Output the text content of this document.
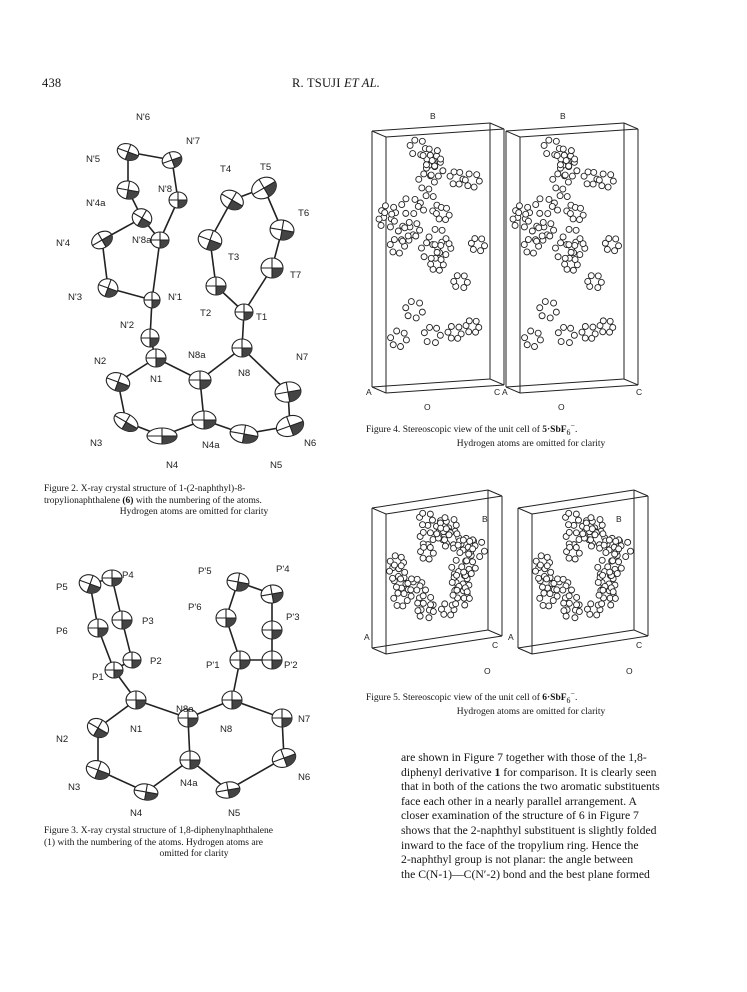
438	R. TSUJI ET AL.
N'6
N'7
N'5
N'8
N'4a
N'8a
N'4
N'3	N'1
N'2
T4	T5
T6
T3
T7
T2	T1
N2
N8a	N7
N1
N8
N3	N4a	N6
N4	N5
Figure 2. X-ray crystal structure of 1-(2-naphthyl)-8-
tropylionaphthalene (6) with the numbering of the atoms.
Hydrogen atoms are omitted for clarity
P'5	P'4
P5
P4
P'6
P'3
P3
P6
P2
P1
P'1	P'2
N8a
N2
N1	N8
N7
N3	N4a
N6
N4	N5
Figure 3. X-ray crystal structure of 1,8-diphenylnaphthalene
(1) with the numbering of the atoms. Hydrogen atoms are
omitted for clarity
B
A	C
O
B
A	C
O
Figure 4. Stereoscopic view of the unit cell of 5·SbF$_6$−.
Hydrogen atoms are omitted for clarity
B
A
C
O
B
A
C
O
Figure 5. Stereoscopic view of the unit cell of 6·SbF$_6$−.
Hydrogen atoms are omitted for clarity
are shown in Figure 7 together with those of the 1,8-
diphenyl derivative 1 for comparison. It is clearly seen
that in both of the cations the two aromatic substituents
face each other in a nearly parallel arrangement. A
closer examination of the structure of 6 in Figure 7
shows that the 2-naphthyl substituent is slightly folded
inward to the face of the tropylium ring. Hence the
2-naphthyl group is not planar: the angle between
the C(N-1)—C(N′-2) bond and the best plane formed
